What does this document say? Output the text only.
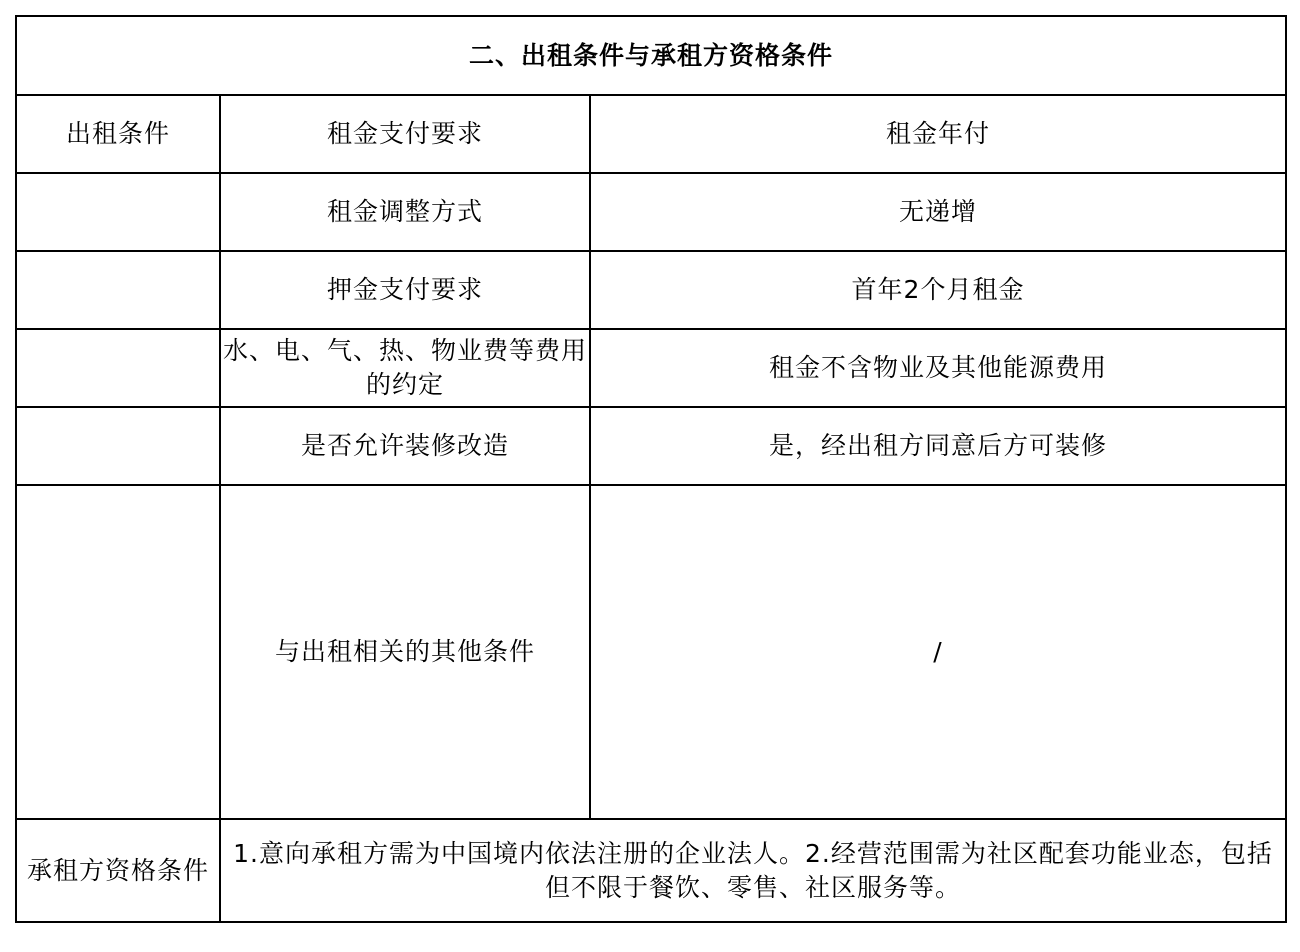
二、出租条件与承租方资格条件		
出租条件	租金支付要求	租金年付
	租金调整方式	无递增
	押金支付要求	首年2个月租金
	水、电、气、热、物业费等费用的约定	租金不含物业及其他能源费用
	是否允许装修改造	是，经出租方同意后方可装修
	与出租相关的其他条件	/
承租方资格条件	1.意向承租方需为中国境内依法注册的企业法人。2.经营范围需为社区配套功能业态，包括但不限于餐饮、零售、社区服务等。	
